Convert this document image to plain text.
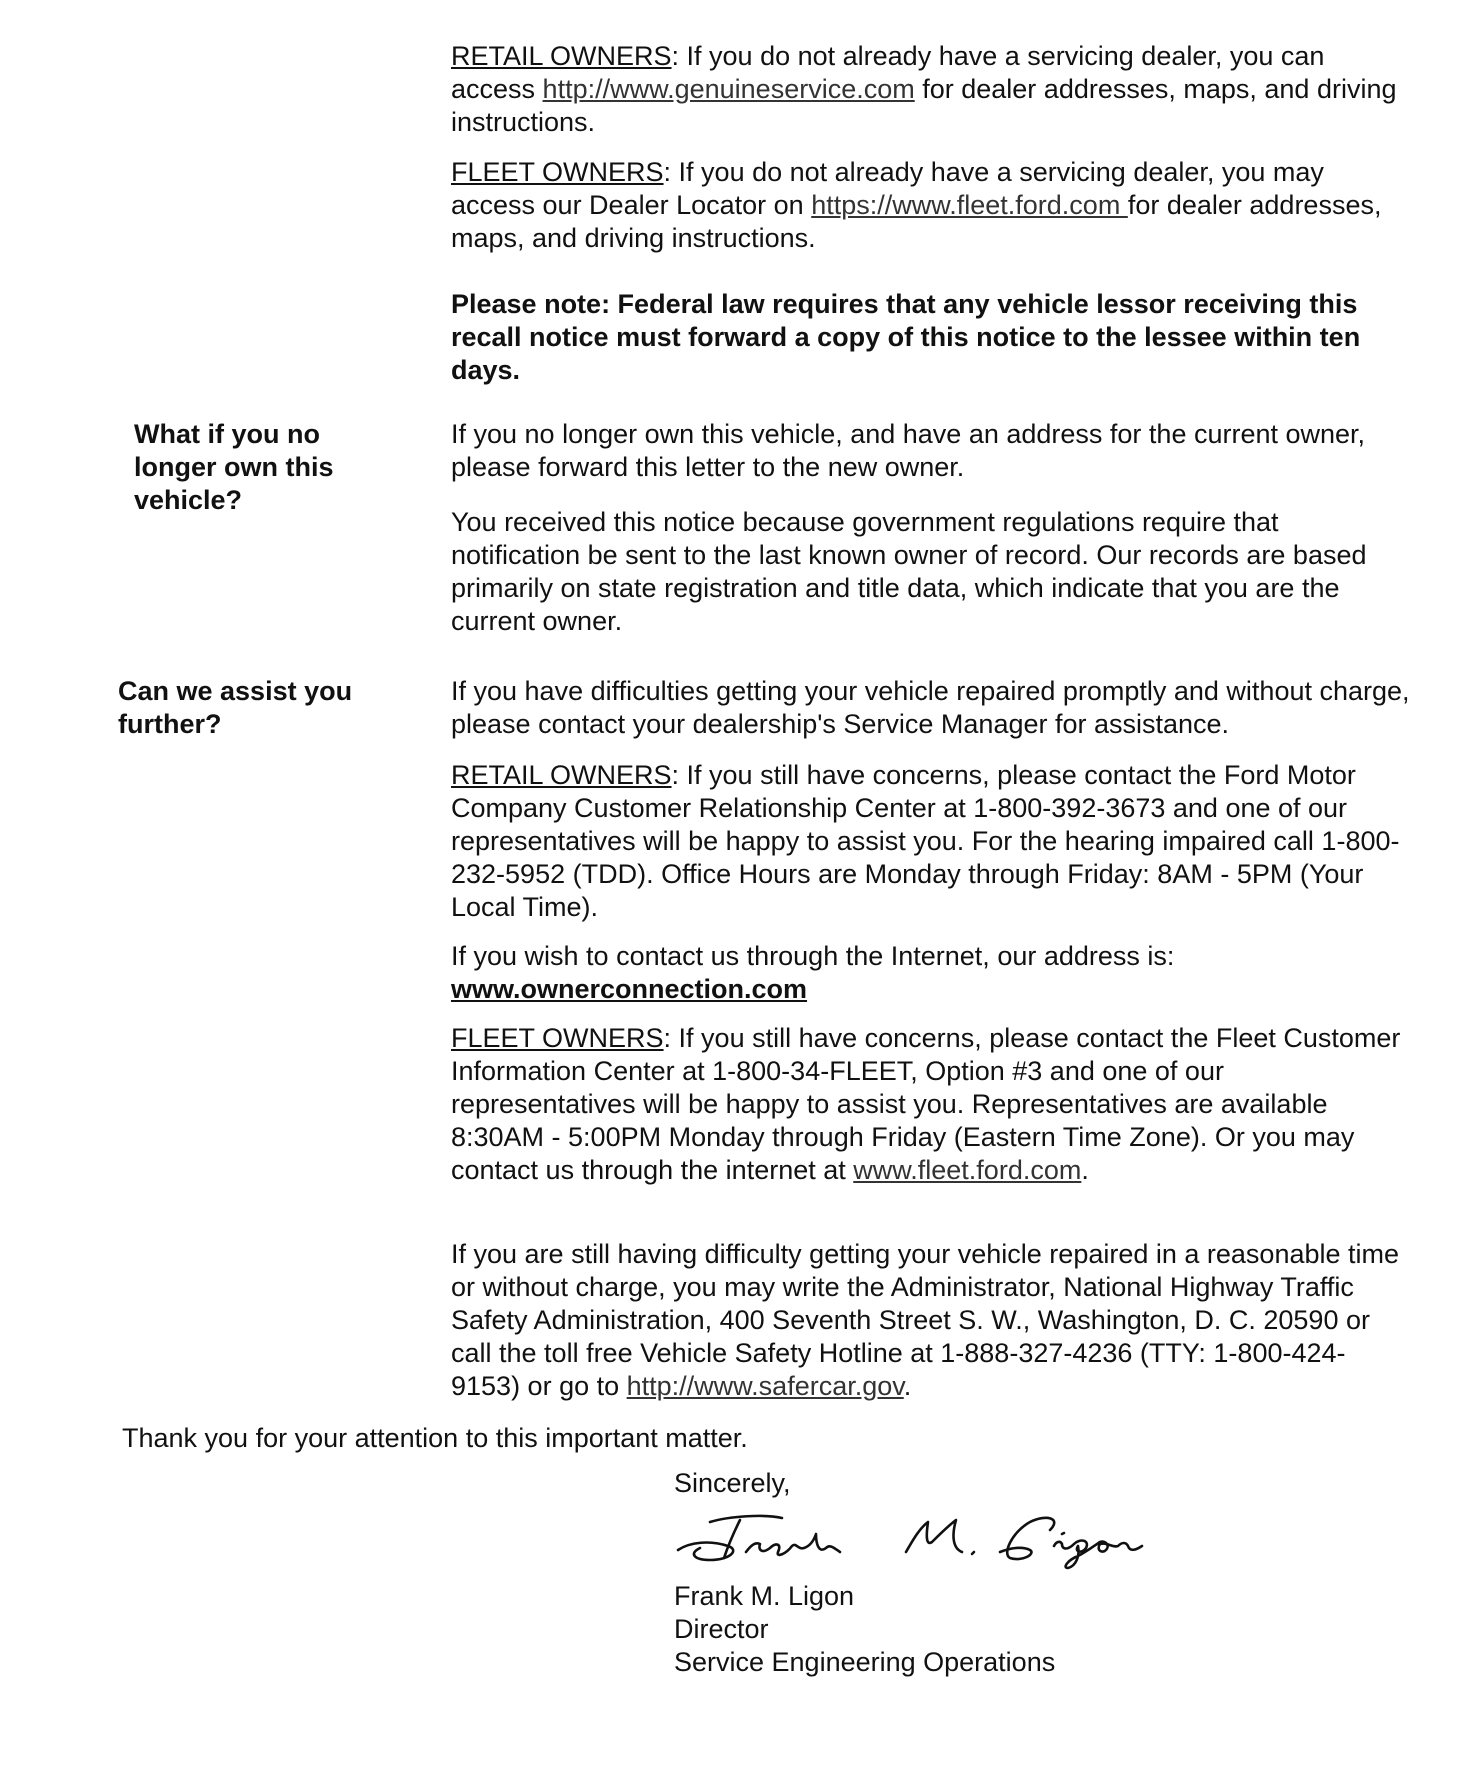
RETAIL OWNERS: If you do not already have a servicing dealer, you can access http://www.genuineservice.com for dealer addresses, maps, and driving instructions.

FLEET OWNERS: If you do not already have a servicing dealer, you may access our Dealer Locator on https://www.fleet.ford.com for dealer addresses, maps, and driving instructions.

Please note: Federal law requires that any vehicle lessor receiving this recall notice must forward a copy of this notice to the lessee within ten days.

What if you no longer own this vehicle?

If you no longer own this vehicle, and have an address for the current owner, please forward this letter to the new owner.

You received this notice because government regulations require that notification be sent to the last known owner of record. Our records are based primarily on state registration and title data, which indicate that you are the current owner.

Can we assist you further?

If you have difficulties getting your vehicle repaired promptly and without charge, please contact your dealership's Service Manager for assistance.

RETAIL OWNERS: If you still have concerns, please contact the Ford Motor Company Customer Relationship Center at 1-800-392-3673 and one of our representatives will be happy to assist you. For the hearing impaired call 1-800-232-5952 (TDD). Office Hours are Monday through Friday: 8AM - 5PM (Your Local Time).

If you wish to contact us through the Internet, our address is:
www.ownerconnection.com

FLEET OWNERS: If you still have concerns, please contact the Fleet Customer Information Center at 1-800-34-FLEET, Option #3 and one of our representatives will be happy to assist you. Representatives are available 8:30AM - 5:00PM Monday through Friday (Eastern Time Zone). Or you may contact us through the internet at www.fleet.ford.com.

If you are still having difficulty getting your vehicle repaired in a reasonable time or without charge, you may write the Administrator, National Highway Traffic Safety Administration, 400 Seventh Street S. W., Washington, D. C. 20590 or call the toll free Vehicle Safety Hotline at 1-888-327-4236 (TTY: 1-800-424-9153) or go to http://www.safercar.gov.

Thank you for your attention to this important matter.
Sincerely,
Frank M. Ligon
Director
Service Engineering Operations
